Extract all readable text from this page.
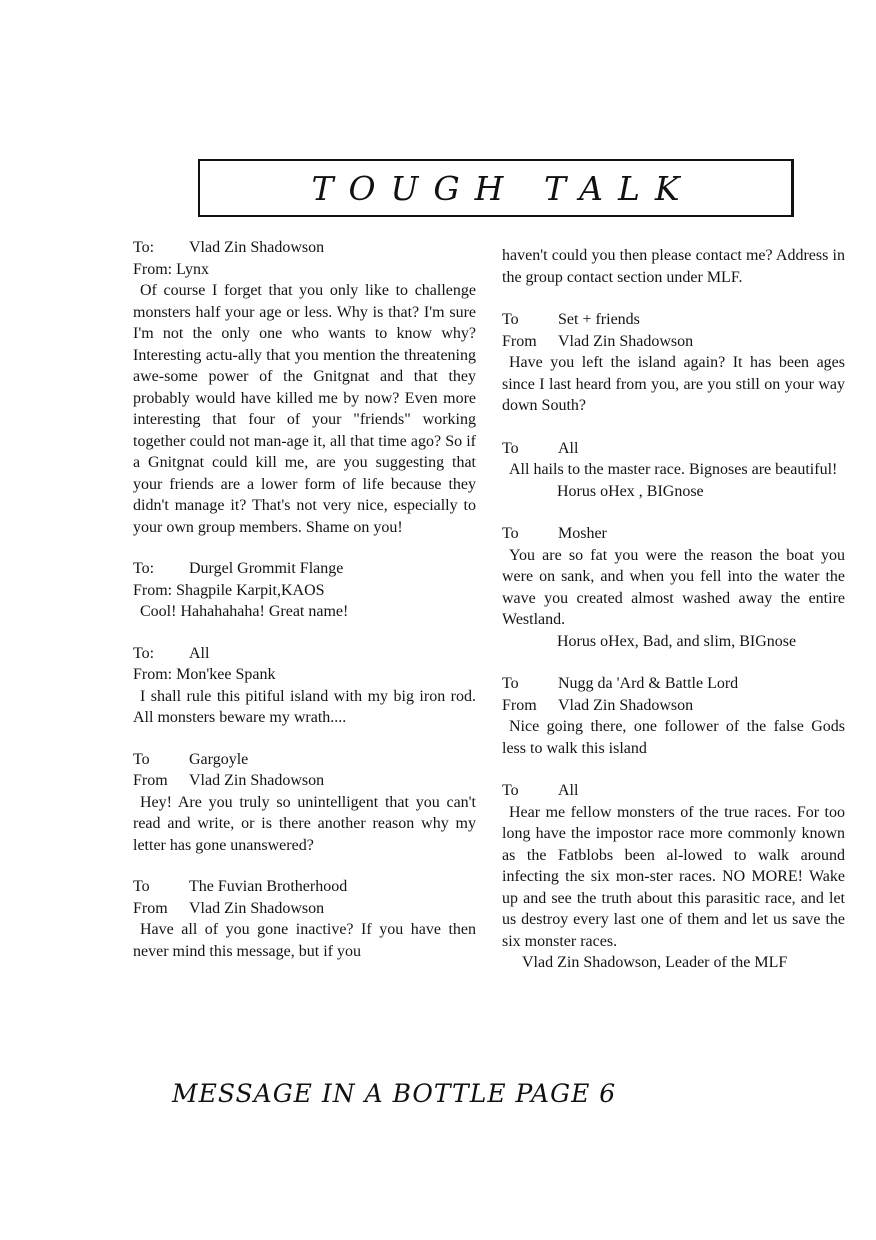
TOUGH TALK

To:	Vlad Zin Shadowson

From:
Lynx

Of course I forget that you only like to challenge monsters half your age or less. Why is that? I'm sure I'm not the only one who wants to know why? Interesting actu-ally that you mention the threatening awe-some power of the Gnitgnat and that they probably would have killed me by now? Even more interesting that four of your "friends" working together could not man-age it, all that time ago? So if a Gnitgnat could kill me, are you suggesting that your friends are a lower form of life because they didn't manage it? That's not very nice, especially to your own group members. Shame on you!

To:	Durgel Grommit Flange

From:
Shagpile Karpit,KAOS

Cool! Hahahahaha! Great name!

To:	All

From:
Mon'kee Spank

I shall rule this pitiful island with my big iron rod. All monsters beware my wrath....

To	Gargoyle

From	Vlad Zin Shadowson

Hey! Are you truly so unintelligent that you can't read and write, or is there another reason why my letter has gone unanswered?

To	The Fuvian Brotherhood

From	Vlad Zin Shadowson

Have all of you gone inactive? If you have then never mind this message, but if you

haven't could you then please contact me? Address in the group contact section under MLF.

To	Set + friends

From	Vlad Zin Shadowson

Have you left the island again? It has been ages since I last heard from you, are you still on your way down South?

To	All

All hails to the master race. Bignoses are beautiful!

Horus oHex , BIGnose

To	Mosher

You are so fat you were the reason the boat you were on sank, and when you fell into the water the wave you created almost washed away the entire Westland.

Horus oHex, Bad, and slim, BIGnose

To	Nugg da 'Ard & Battle Lord

From	Vlad Zin Shadowson

Nice going there, one follower of the false Gods less to walk this island

To	All

Hear me fellow monsters of the true races. For too long have the impostor race more commonly known as the Fatblobs been al-lowed to walk around infecting the six mon-ster races. NO MORE! Wake up and see the truth about this parasitic race, and let us destroy every last one of them and let us save the six monster races.

Vlad Zin Shadowson, Leader of the MLF

MESSAGE IN A BOTTLE PAGE 6
